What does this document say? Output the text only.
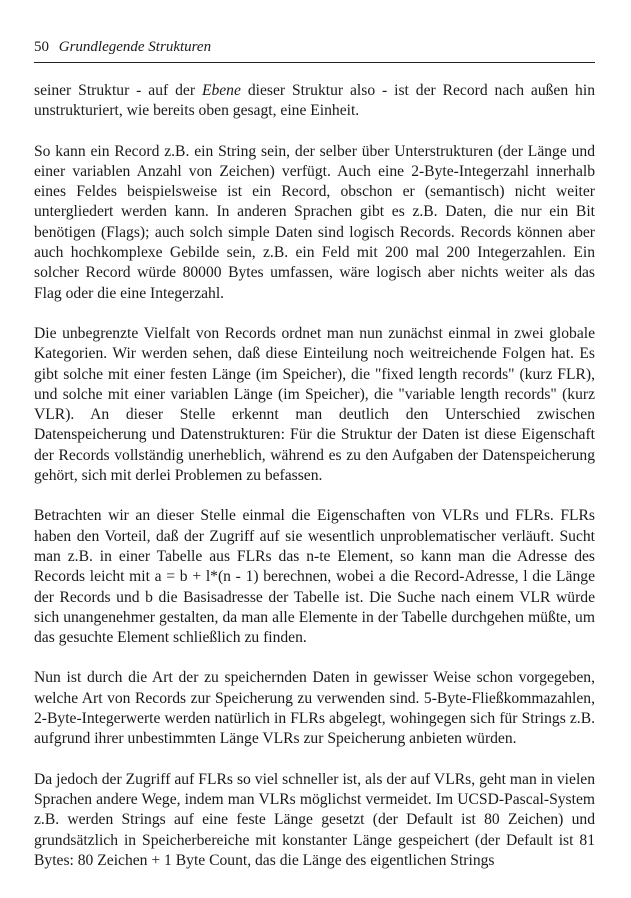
50 Grundlegende Strukturen

seiner Struktur - auf der Ebene dieser Struktur also - ist der Record nach außen hin unstrukturiert, wie bereits oben gesagt, eine Einheit.

So kann ein Record z.B. ein String sein, der selber über Unterstrukturen (der Länge und einer variablen Anzahl von Zeichen) verfügt. Auch eine 2-Byte-Integerzahl innerhalb eines Feldes beispielsweise ist ein Record, obschon er (semantisch) nicht weiter untergliedert werden kann. In anderen Sprachen gibt es z.B. Daten, die nur ein Bit benötigen (Flags); auch solch simple Daten sind logisch Records. Records können aber auch hochkomplexe Gebilde sein, z.B. ein Feld mit 200 mal 200 Integerzahlen. Ein solcher Record würde 80000 Bytes umfassen, wäre logisch aber nichts weiter als das Flag oder die eine Integerzahl.

Die unbegrenzte Vielfalt von Records ordnet man nun zunächst einmal in zwei globale Kategorien. Wir werden sehen, daß diese Einteilung noch weitreichende Folgen hat. Es gibt solche mit einer festen Länge (im Speicher), die "fixed length records" (kurz FLR), und solche mit einer variablen Länge (im Speicher), die "variable length records" (kurz VLR). An dieser Stelle erkennt man deutlich den Unterschied zwischen Datenspeicherung und Datenstrukturen: Für die Struktur der Daten ist diese Eigenschaft der Records vollständig unerheblich, während es zu den Aufgaben der Datenspeicherung gehört, sich mit derlei Problemen zu befassen.

Betrachten wir an dieser Stelle einmal die Eigenschaften von VLRs und FLRs. FLRs haben den Vorteil, daß der Zugriff auf sie wesentlich unproblematischer verläuft. Sucht man z.B. in einer Tabelle aus FLRs das n-te Element, so kann man die Adresse des Records leicht mit a = b + l*(n - 1) berechnen, wobei a die Record-Adresse, l die Länge der Records und b die Basisadresse der Tabelle ist. Die Suche nach einem VLR würde sich unangenehmer gestalten, da man alle Elemente in der Tabelle durchgehen müßte, um das gesuchte Element schließlich zu finden.

Nun ist durch die Art der zu speichernden Daten in gewisser Weise schon vorgegeben, welche Art von Records zur Speicherung zu verwenden sind. 5-Byte-Fließkommazahlen, 2-Byte-Integerwerte werden natürlich in FLRs abgelegt, wohingegen sich für Strings z.B. aufgrund ihrer unbestimmten Länge VLRs zur Speicherung anbieten würden.

Da jedoch der Zugriff auf FLRs so viel schneller ist, als der auf VLRs, geht man in vielen Sprachen andere Wege, indem man VLRs möglichst vermeidet. Im UCSD-Pascal-System z.B. werden Strings auf eine feste Länge gesetzt (der Default ist 80 Zeichen) und grundsätzlich in Speicherbereiche mit konstanter Länge gespeichert (der Default ist 81 Bytes: 80 Zeichen + 1 Byte Count, das die Länge des eigentlichen Strings
